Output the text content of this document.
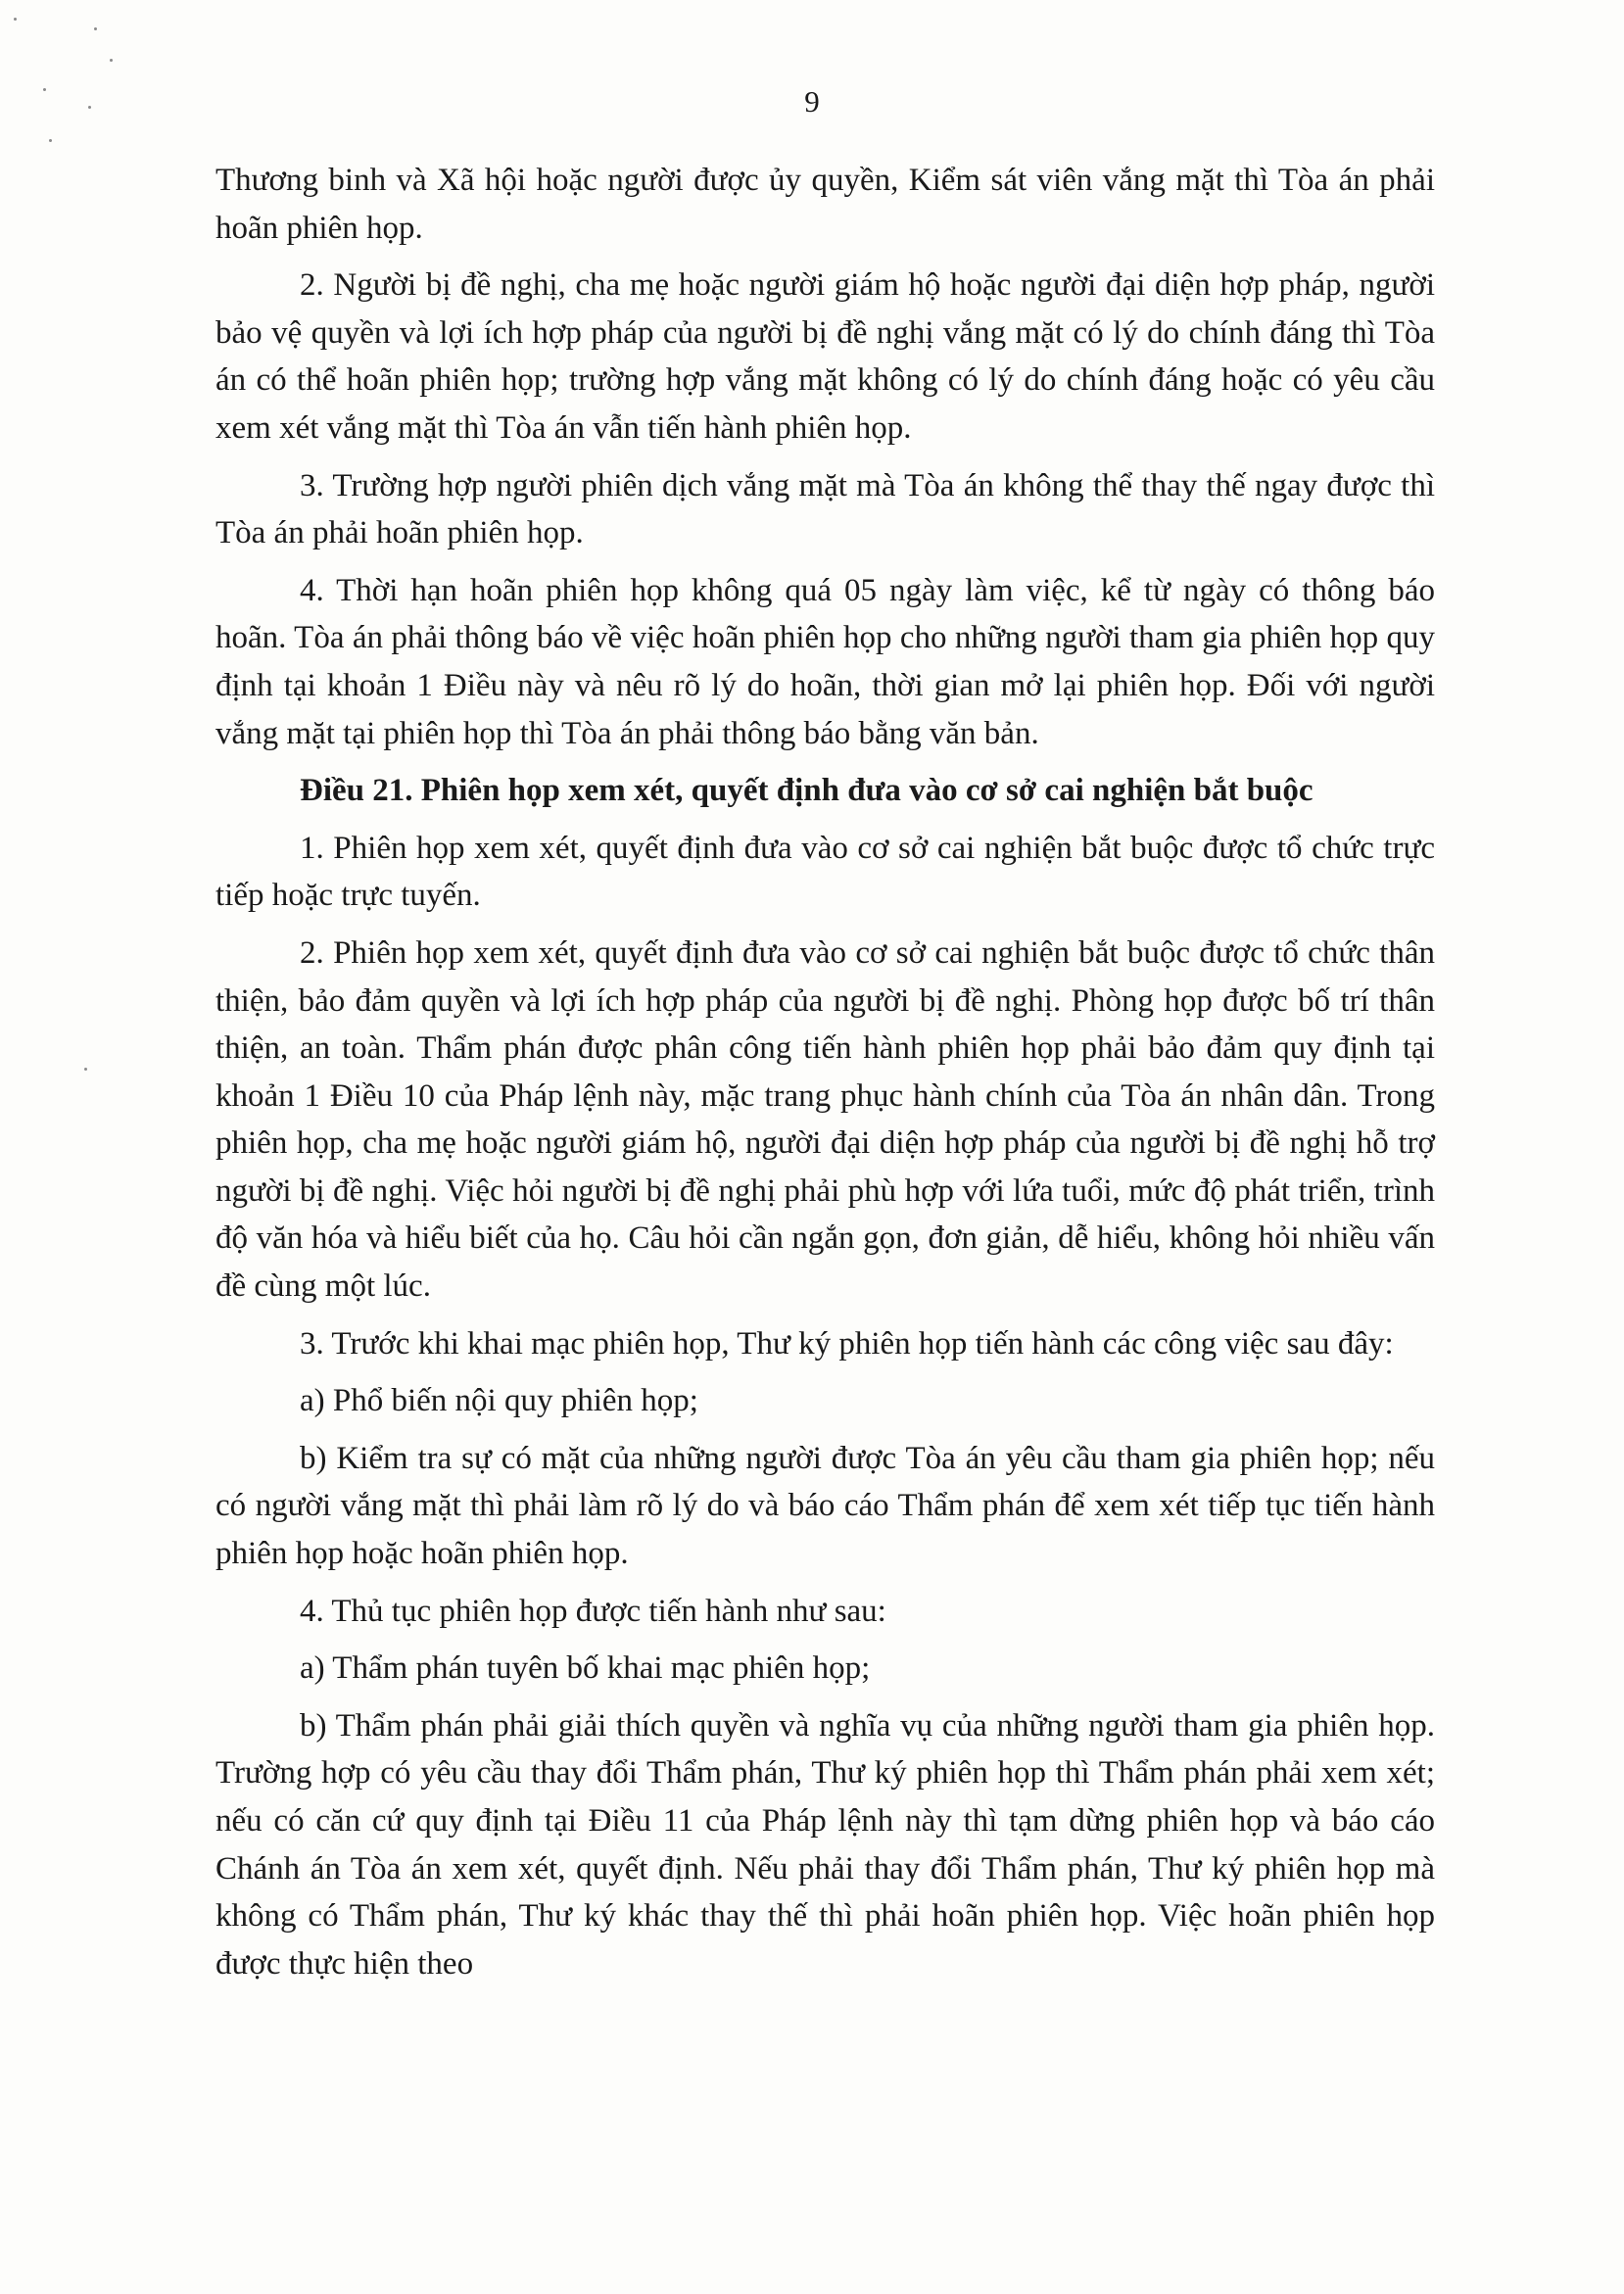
9

Thương binh và Xã hội hoặc người được ủy quyền, Kiểm sát viên vắng mặt thì Tòa án phải hoãn phiên họp.

2. Người bị đề nghị, cha mẹ hoặc người giám hộ hoặc người đại diện hợp pháp, người bảo vệ quyền và lợi ích hợp pháp của người bị đề nghị vắng mặt có lý do chính đáng thì Tòa án có thể hoãn phiên họp; trường hợp vắng mặt không có lý do chính đáng hoặc có yêu cầu xem xét vắng mặt thì Tòa án vẫn tiến hành phiên họp.

3. Trường hợp người phiên dịch vắng mặt mà Tòa án không thể thay thế ngay được thì Tòa án phải hoãn phiên họp.

4. Thời hạn hoãn phiên họp không quá 05 ngày làm việc, kể từ ngày có thông báo hoãn. Tòa án phải thông báo về việc hoãn phiên họp cho những người tham gia phiên họp quy định tại khoản 1 Điều này và nêu rõ lý do hoãn, thời gian mở lại phiên họp. Đối với người vắng mặt tại phiên họp thì Tòa án phải thông báo bằng văn bản.

Điều 21. Phiên họp xem xét, quyết định đưa vào cơ sở cai nghiện bắt buộc

1. Phiên họp xem xét, quyết định đưa vào cơ sở cai nghiện bắt buộc được tổ chức trực tiếp hoặc trực tuyến.

2. Phiên họp xem xét, quyết định đưa vào cơ sở cai nghiện bắt buộc được tổ chức thân thiện, bảo đảm quyền và lợi ích hợp pháp của người bị đề nghị. Phòng họp được bố trí thân thiện, an toàn. Thẩm phán được phân công tiến hành phiên họp phải bảo đảm quy định tại khoản 1 Điều 10 của Pháp lệnh này, mặc trang phục hành chính của Tòa án nhân dân. Trong phiên họp, cha mẹ hoặc người giám hộ, người đại diện hợp pháp của người bị đề nghị hỗ trợ người bị đề nghị. Việc hỏi người bị đề nghị phải phù hợp với lứa tuổi, mức độ phát triển, trình độ văn hóa và hiểu biết của họ. Câu hỏi cần ngắn gọn, đơn giản, dễ hiểu, không hỏi nhiều vấn đề cùng một lúc.

3. Trước khi khai mạc phiên họp, Thư ký phiên họp tiến hành các công việc sau đây:

a) Phổ biến nội quy phiên họp;

b) Kiểm tra sự có mặt của những người được Tòa án yêu cầu tham gia phiên họp; nếu có người vắng mặt thì phải làm rõ lý do và báo cáo Thẩm phán để xem xét tiếp tục tiến hành phiên họp hoặc hoãn phiên họp.

4. Thủ tục phiên họp được tiến hành như sau:

a) Thẩm phán tuyên bố khai mạc phiên họp;

b) Thẩm phán phải giải thích quyền và nghĩa vụ của những người tham gia phiên họp. Trường hợp có yêu cầu thay đổi Thẩm phán, Thư ký phiên họp thì Thẩm phán phải xem xét; nếu có căn cứ quy định tại Điều 11 của Pháp lệnh này thì tạm dừng phiên họp và báo cáo Chánh án Tòa án xem xét, quyết định. Nếu phải thay đổi Thẩm phán, Thư ký phiên họp mà không có Thẩm phán, Thư ký khác thay thế thì phải hoãn phiên họp. Việc hoãn phiên họp được thực hiện theo
